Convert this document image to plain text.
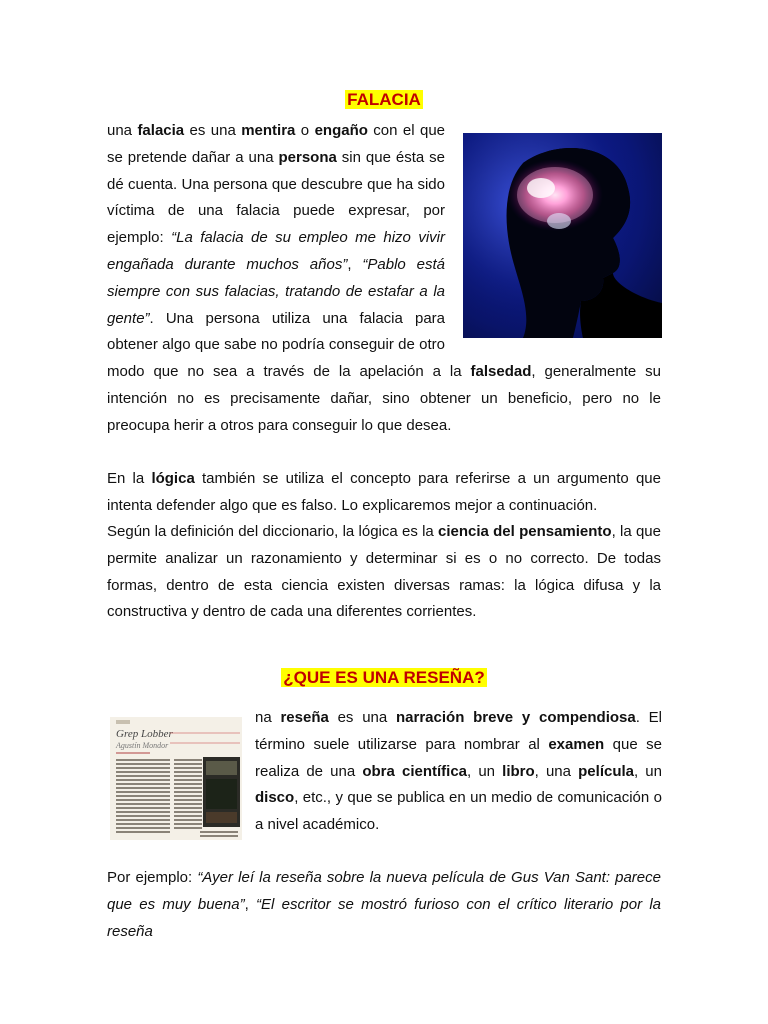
FALACIA

una falacia es una mentira o engaño con el que se pretende dañar a una persona sin que ésta se dé cuenta. Una persona que descubre que ha sido víctima de una falacia puede expresar, por ejemplo: “La falacia de su empleo me hizo vivir engañada durante muchos años”, “Pablo está siempre con sus falacias, tratando de estafar a la gente”. Una persona utiliza una falacia para obtener algo que sabe no podría conseguir de otro modo que no sea a través de la apelación a la falsedad, generalmente su intención no es precisamente dañar, sino obtener un beneficio, pero no le preocupa herir a otros para conseguir lo que desea.

En la lógica también se utiliza el concepto para referirse a un argumento que intenta defender algo que es falso. Lo explicaremos mejor a continuación.

Según la definición del diccionario, la lógica es la ciencia del pensamiento, la que permite analizar un razonamiento y determinar si es o no correcto. De todas formas, dentro de esta ciencia existen diversas ramas: la lógica difusa y la constructiva y dentro de cada una diferentes corrientes.

¿QUE ES UNA RESEÑA?
Grep Lobber
Agustín Mondor

na reseña es una narración breve y compendiosa. El término suele utilizarse para nombrar al examen que se realiza de una obra científica, un libro, una película, un disco, etc., y que se publica en un medio de comunicación o a nivel académico.

Por ejemplo: “Ayer leí la reseña sobre la nueva película de Gus Van Sant: parece que es muy buena”, “El escritor se mostró furioso con el crítico literario por la reseña
